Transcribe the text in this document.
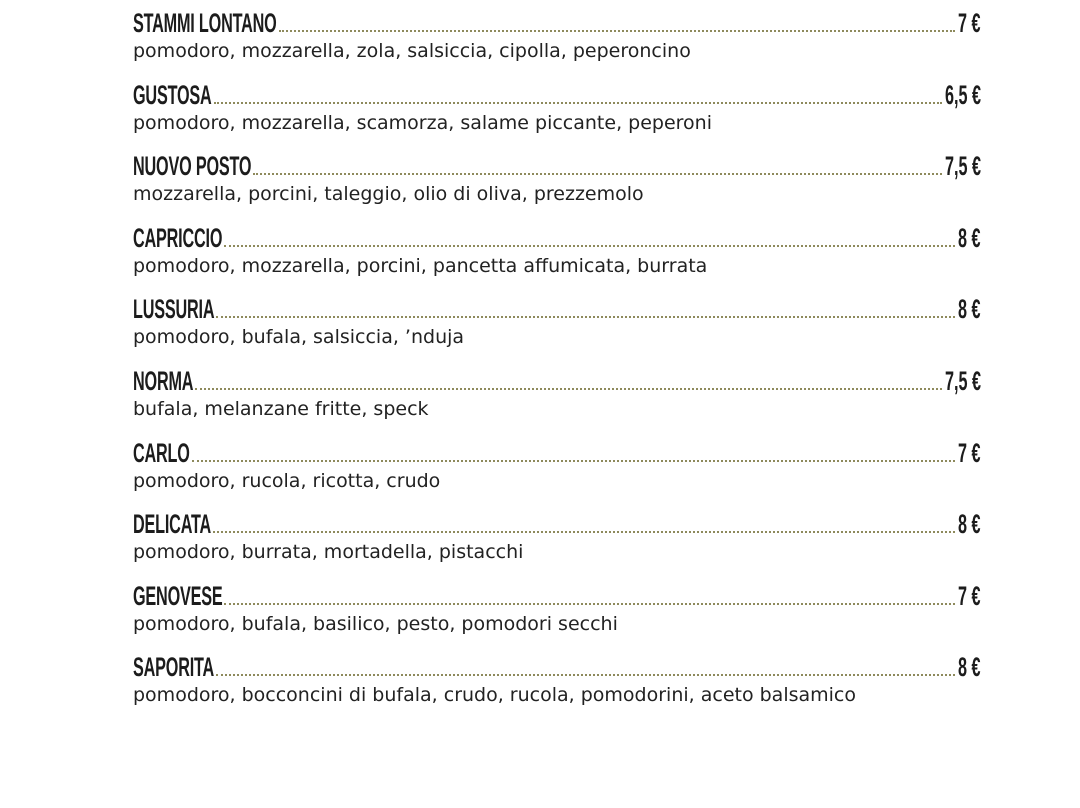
STAMMI LONTANO	7 €
pomodoro, mozzarella, zola, salsiccia, cipolla, peperoncino
GUSTOSA	6,5 €
pomodoro, mozzarella, scamorza, salame piccante, peperoni
NUOVO POSTO	7,5 €
mozzarella, porcini, taleggio, olio di oliva, prezzemolo
CAPRICCIO	8 €
pomodoro, mozzarella, porcini, pancetta affumicata, burrata
LUSSURIA	8 €
pomodoro, bufala, salsiccia, ’nduja
NORMA	7,5 €
bufala, melanzane fritte, speck
CARLO	7 €
pomodoro, rucola, ricotta, crudo
DELICATA	8 €
pomodoro, burrata, mortadella, pistacchi
GENOVESE	7 €
pomodoro, bufala, basilico, pesto, pomodori secchi
SAPORITA	8 €
pomodoro, bocconcini di bufala, crudo, rucola, pomodorini, aceto balsamico
